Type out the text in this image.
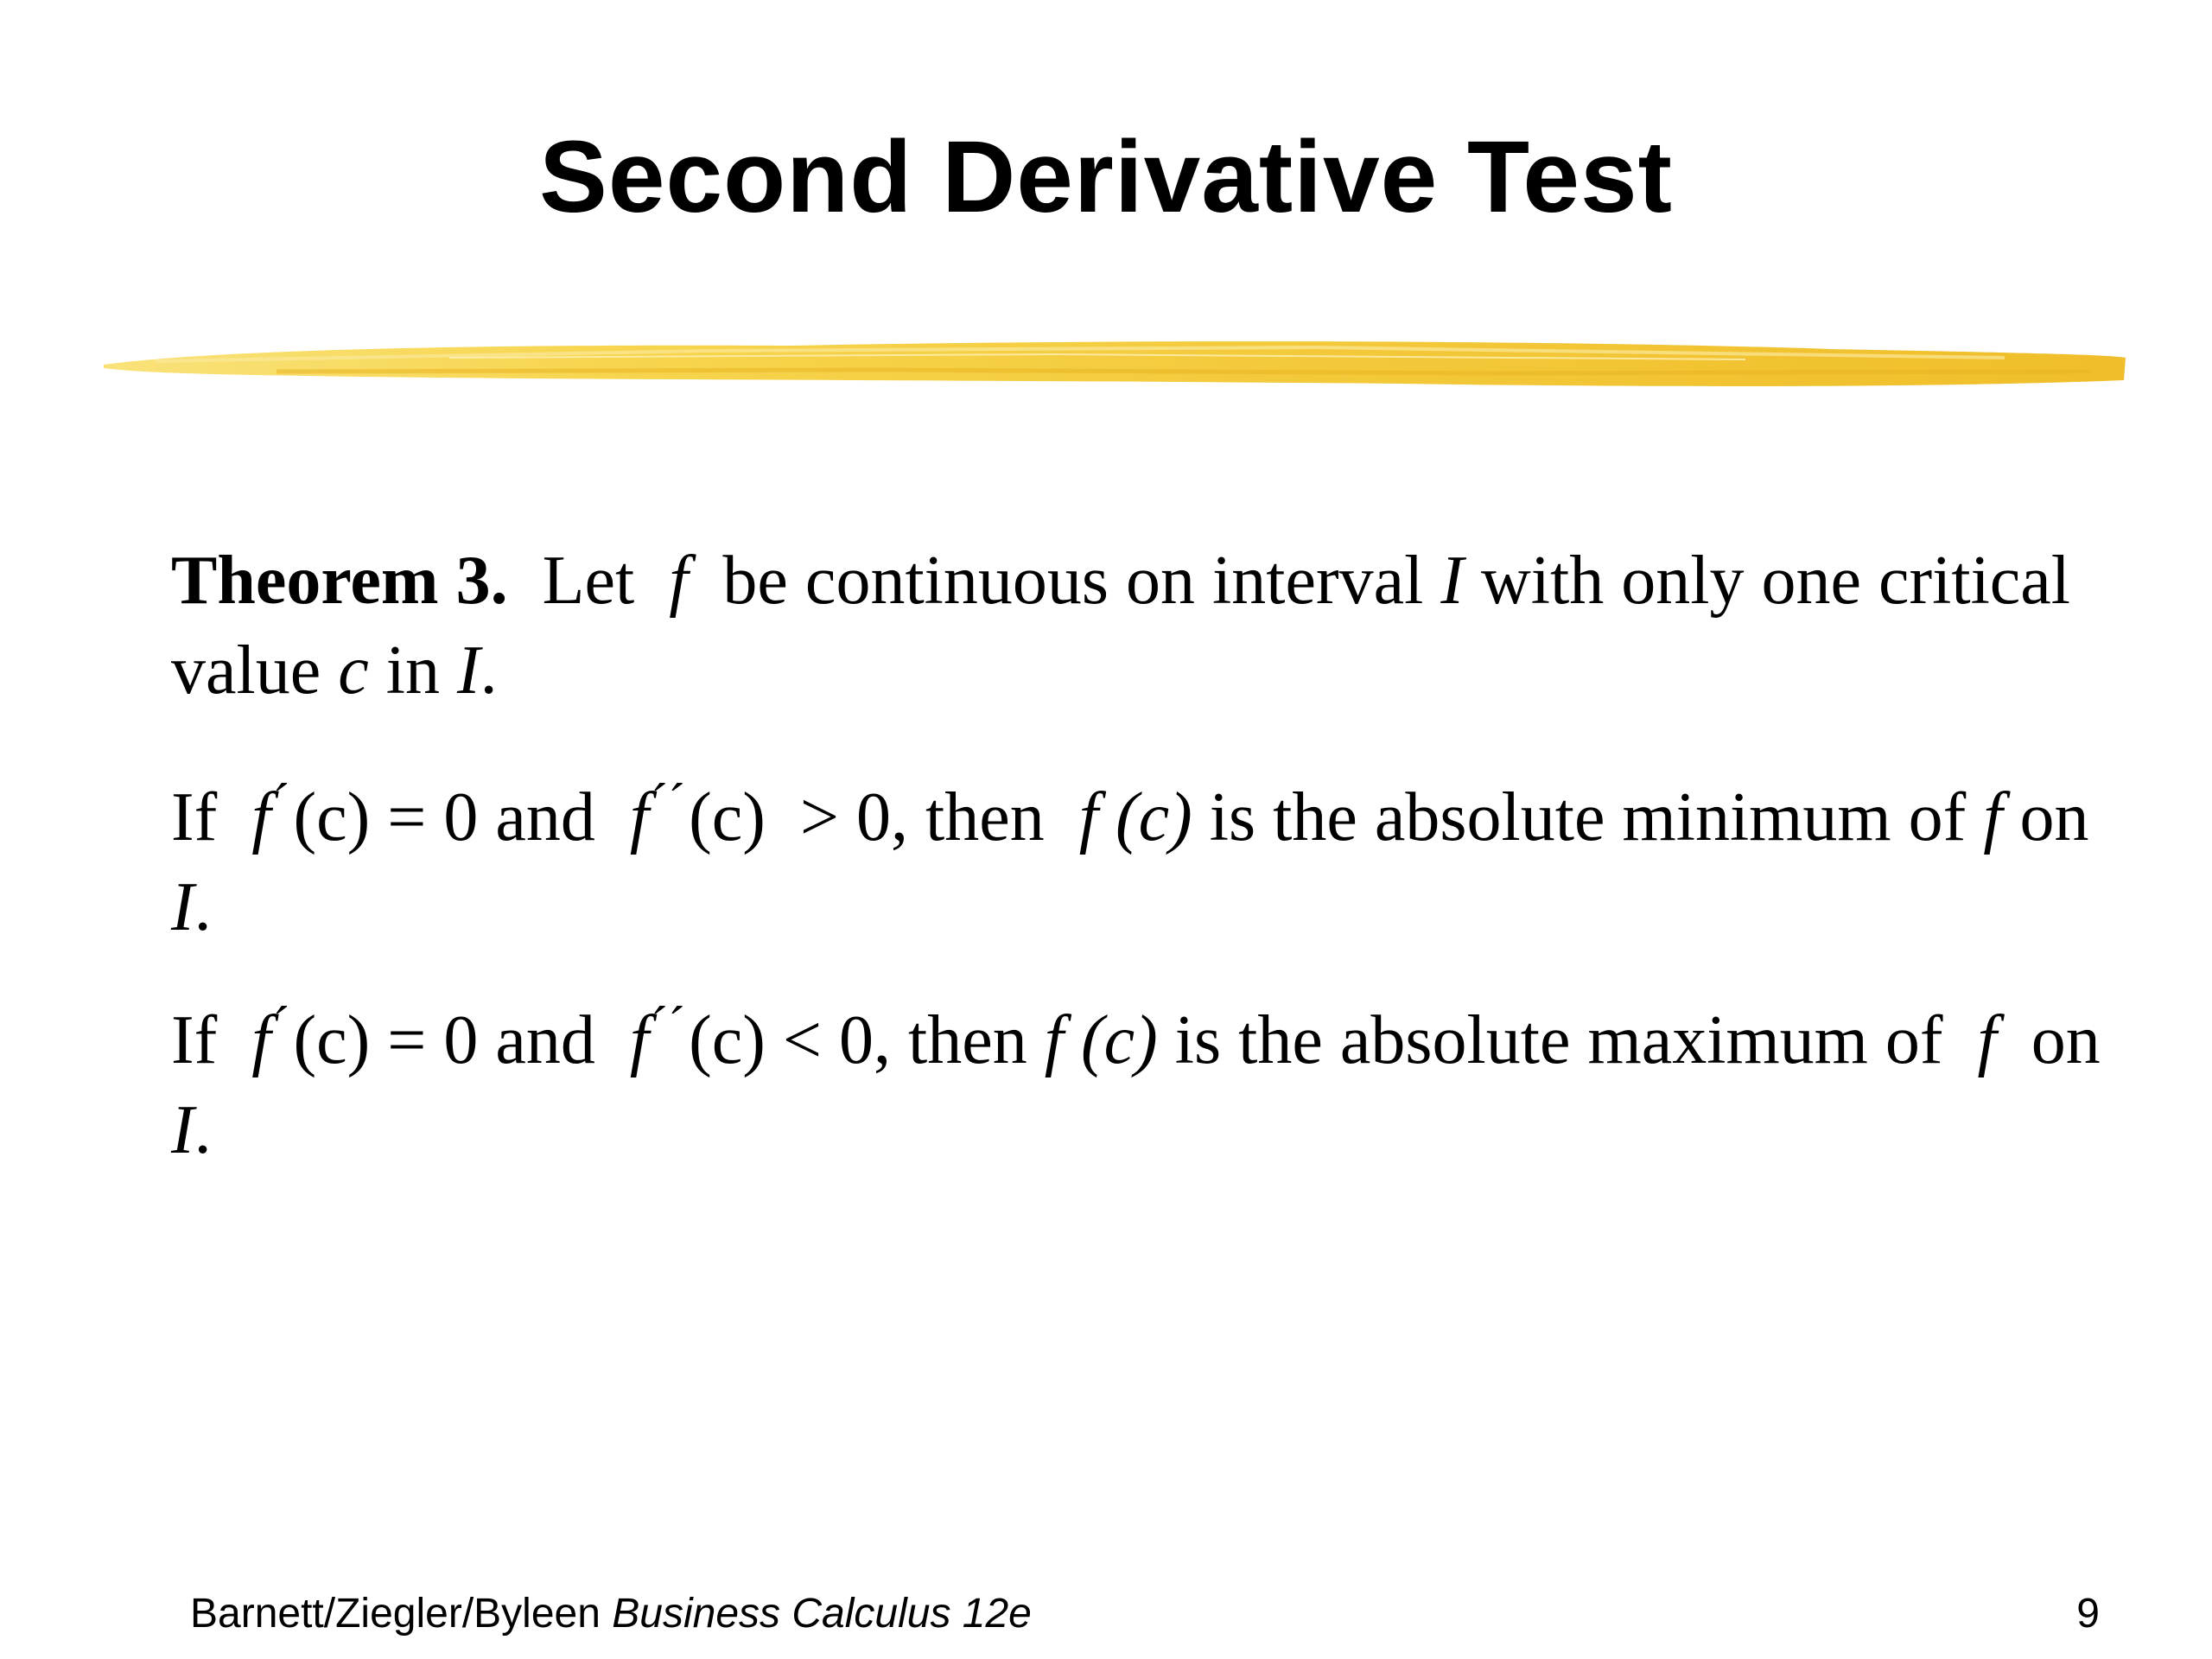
Second Derivative Test

Theorem 3. Let f be continuous on interval I with only one critical value c in I.

If f´(c) = 0 and f´´(c) > 0, then f (c) is the absolute minimum of f on I.

If f´(c) = 0 and f´´(c) < 0, then f (c) is the absolute maximum of f on I.

Barnett/Ziegler/Byleen Business Calculus 12e	9
